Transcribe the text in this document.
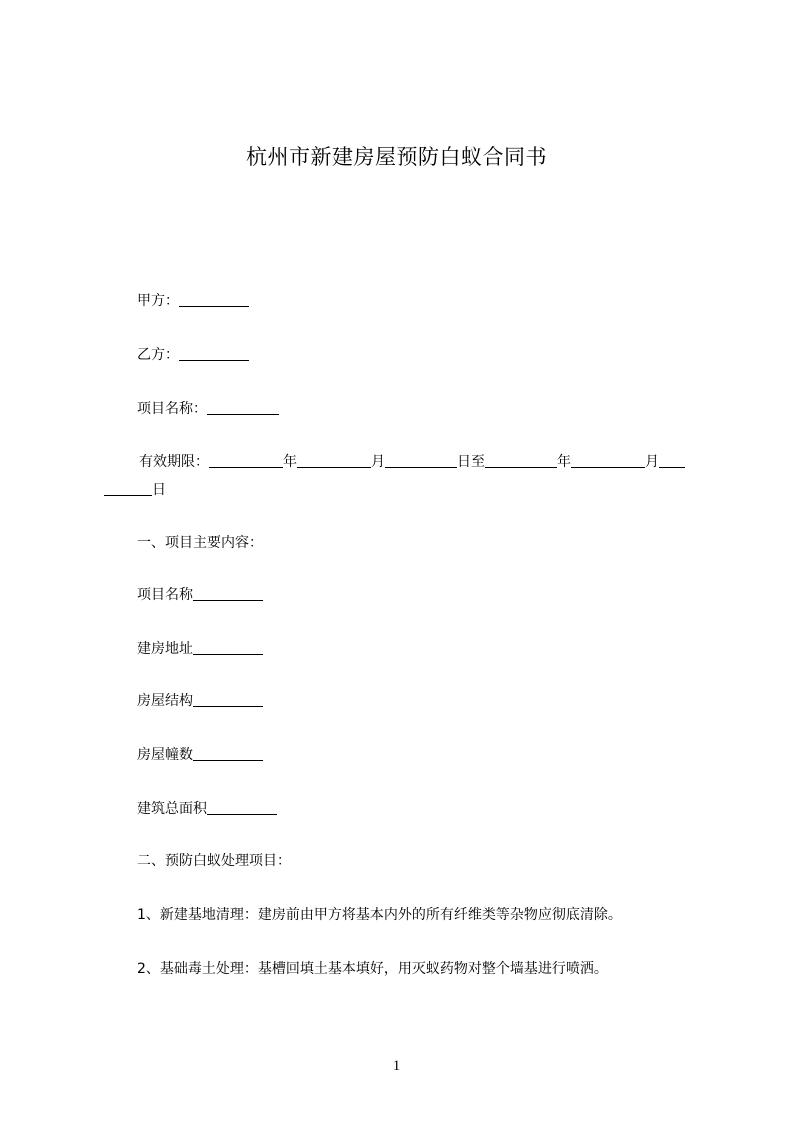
杭州市新建房屋预防白蚁合同书
甲方：
乙方：
项目名称：
有效期限：	年	月	日至	年	月
日
一、项目主要内容：
项目名称
建房地址
房屋结构
房屋幢数
建筑总面积
二、预防白蚁处理项目：
1、新建基地清理：建房前由甲方将基本内外的所有纤维类等杂物应彻底清除。
2、基础毒土处理：基槽回填土基本填好，用灭蚁药物对整个墙基进行喷洒。
1
